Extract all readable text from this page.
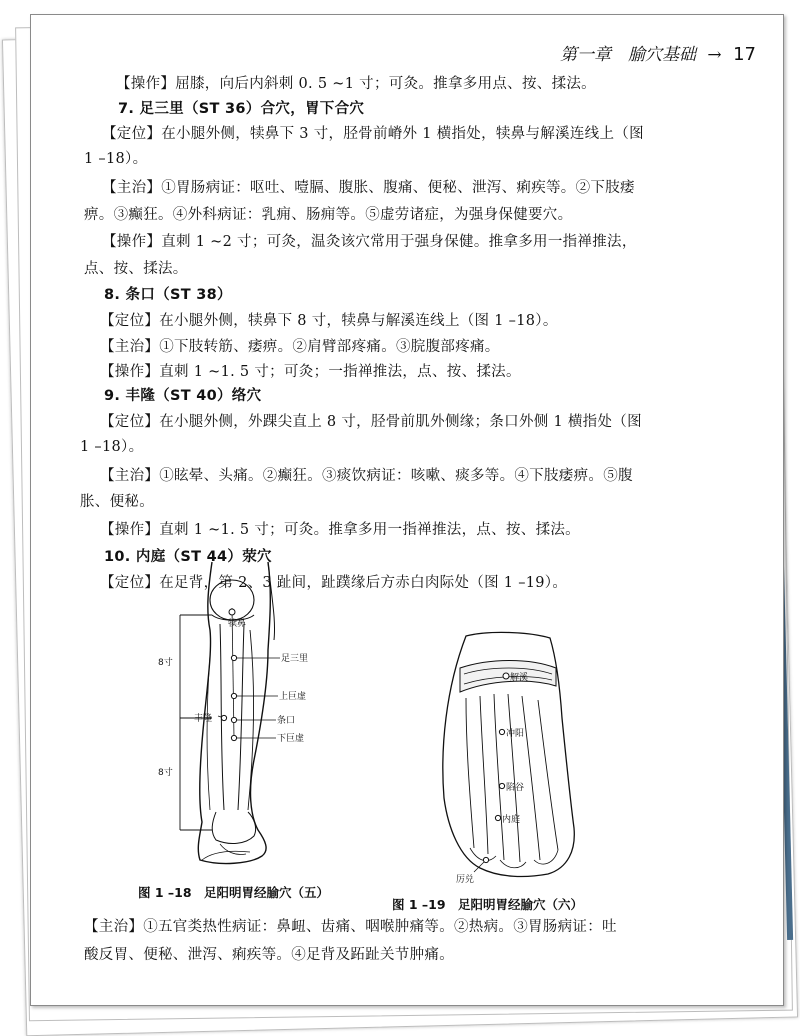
第一章　腧穴基础 → 17
【操作】屈膝，向后内斜刺 0. 5 ~1 寸；可灸。推拿多用点、按、揉法。
7. 足三里（ST 36）合穴，胃下合穴
【定位】在小腿外侧，犊鼻下 3 寸，胫骨前嵴外 1 横指处，犊鼻与解溪连线上（图
1 –18）。
【主治】①胃肠病证：呕吐、噎膈、腹胀、腹痛、便秘、泄泻、痢疾等。②下肢痿
痹。③癫狂。④外科病证：乳痈、肠痈等。⑤虚劳诸症，为强身保健要穴。
【操作】直刺 1 ~2 寸；可灸，温灸该穴常用于强身保健。推拿多用一指禅推法，
点、按、揉法。
8. 条口（ST 38）
【定位】在小腿外侧，犊鼻下 8 寸，犊鼻与解溪连线上（图 1 –18）。
【主治】①下肢转筋、痿痹。②肩臂部疼痛。③脘腹部疼痛。
【操作】直刺 1 ~1. 5 寸；可灸；一指禅推法，点、按、揉法。
9. 丰隆（ST 40）络穴
【定位】在小腿外侧，外踝尖直上 8 寸，胫骨前肌外侧缘；条口外侧 1 横指处（图
1 –18）。
【主治】①眩晕、头痛。②癫狂。③痰饮病证：咳嗽、痰多等。④下肢痿痹。⑤腹
胀、便秘。
【操作】直刺 1 ~1. 5 寸；可灸。推拿多用一指禅推法，点、按、揉法。
10. 内庭（ST 44）荥穴
【定位】在足背，第 2、3 趾间，趾蹼缘后方赤白肉际处（图 1 –19）。
犊鼻
足三里
上巨虚
条口
下巨虚
丰隆
8寸
8寸
图 1 –18　足阳明胃经腧穴（五）
解溪
冲阳
陷谷
内庭
厉兑
图 1 –19　足阳明胃经腧穴（六）
【主治】①五官类热性病证：鼻衄、齿痛、咽喉肿痛等。②热病。③胃肠病证：吐
酸反胃、便秘、泄泻、痢疾等。④足背及跖趾关节肿痛。
